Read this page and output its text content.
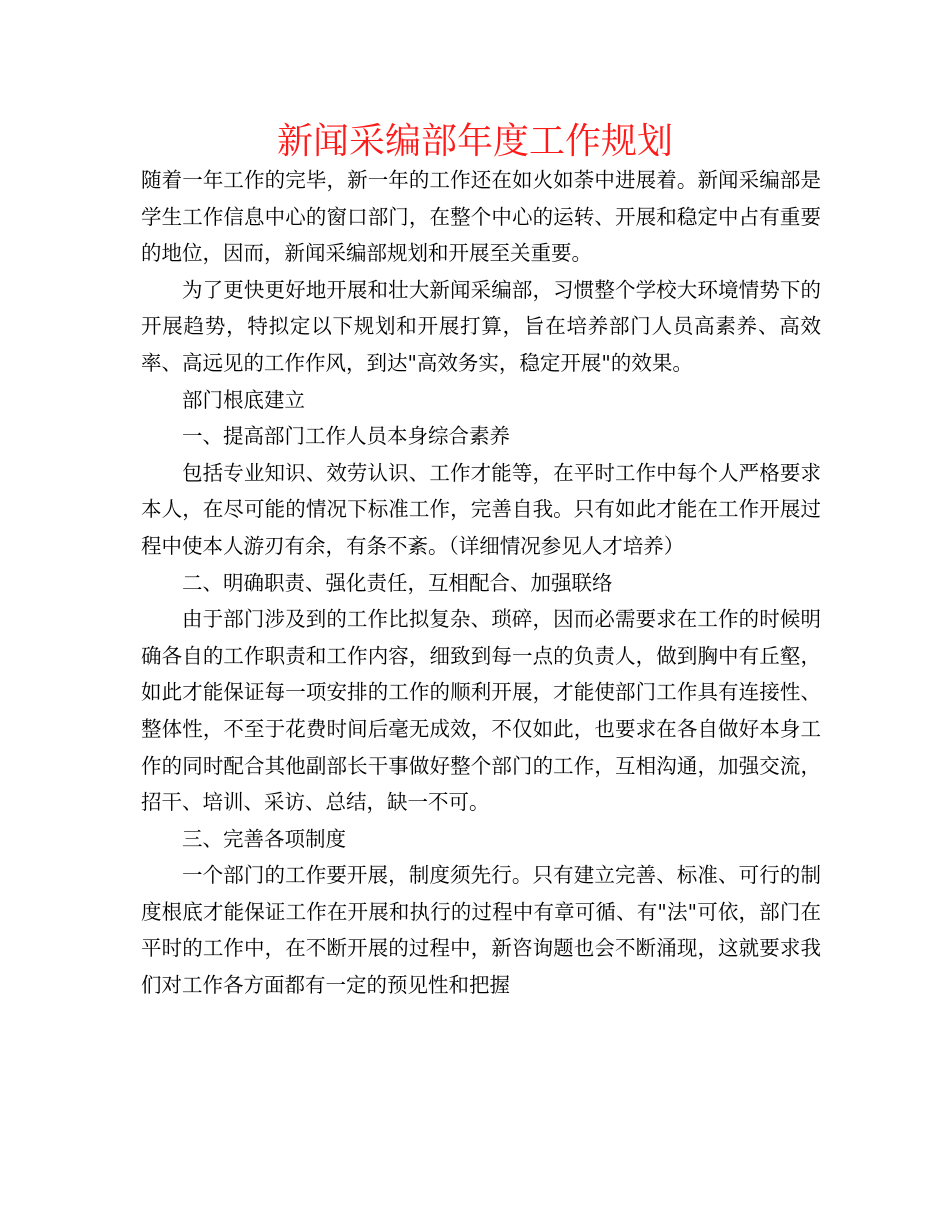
新闻采编部年度工作规划

随着一年工作的完毕，新一年的工作还在如火如荼中进展着。新闻采编部是学生工作信息中心的窗口部门，在整个中心的运转、开展和稳定中占有重要的地位，因而，新闻采编部规划和开展至关重要。

为了更快更好地开展和壮大新闻采编部，习惯整个学校大环境情势下的开展趋势，特拟定以下规划和开展打算，旨在培养部门人员高素养、高效率、高远见的工作作风，到达"高效务实，稳定开展"的效果。

部门根底建立

一、提高部门工作人员本身综合素养

包括专业知识、效劳认识、工作才能等，在平时工作中每个人严格要求本人，在尽可能的情况下标准工作，完善自我。只有如此才能在工作开展过程中使本人游刃有余，有条不紊。（详细情况参见人才培养）

二、明确职责、强化责任，互相配合、加强联络

由于部门涉及到的工作比拟复杂、琐碎，因而必需要求在工作的时候明确各自的工作职责和工作内容，细致到每一点的负责人，做到胸中有丘壑，如此才能保证每一项安排的工作的顺利开展，才能使部门工作具有连接性、整体性，不至于花费时间后毫无成效，不仅如此，也要求在各自做好本身工作的同时配合其他副部长干事做好整个部门的工作，互相沟通，加强交流，招干、培训、采访、总结，缺一不可。

三、完善各项制度

一个部门的工作要开展，制度须先行。只有建立完善、标准、可行的制度根底才能保证工作在开展和执行的过程中有章可循、有"法"可依，部门在平时的工作中，在不断开展的过程中，新咨询题也会不断涌现，这就要求我们对工作各方面都有一定的预见性和把握
